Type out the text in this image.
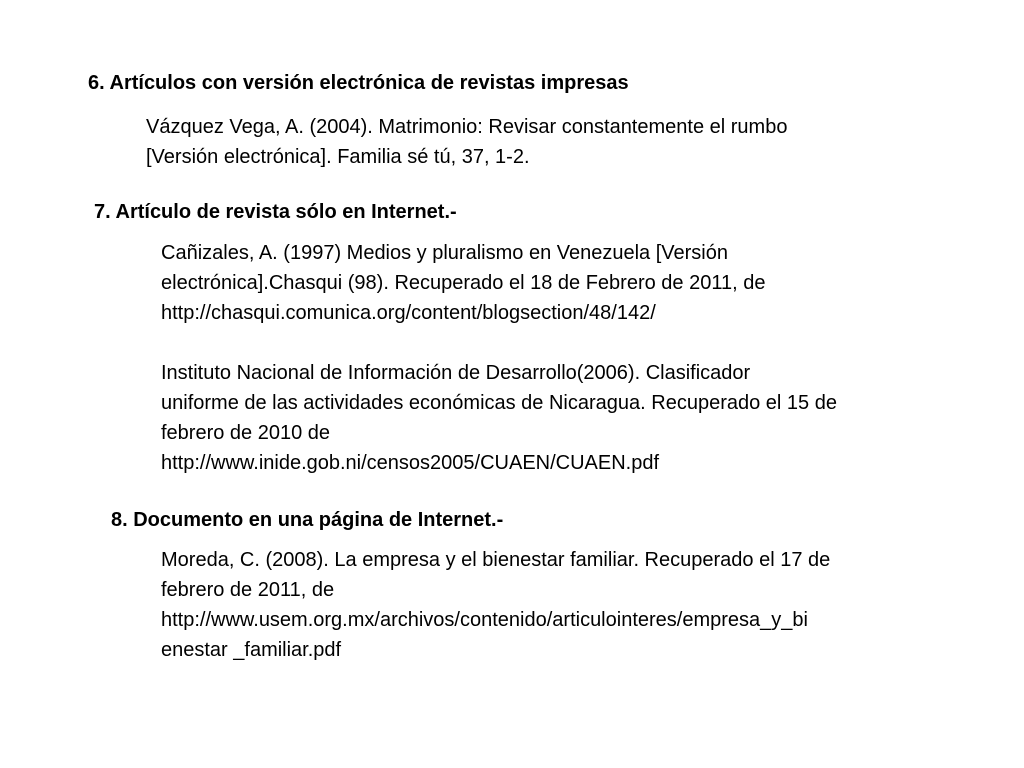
6. Artículos con versión electrónica de revistas impresas
Vázquez Vega, A. (2004). Matrimonio: Revisar constantemente el rumbo
[Versión electrónica]. Familia sé tú, 37, 1-2.
7. Artículo de revista sólo en Internet.-
Cañizales, A. (1997) Medios y pluralismo en Venezuela [Versión
electrónica].Chasqui (98). Recuperado el 18 de Febrero de 2011, de
http://chasqui.comunica.org/content/blogsection/48/142/
Instituto Nacional de Información de Desarrollo(2006). Clasificador
uniforme de las actividades económicas de Nicaragua. Recuperado el 15 de
febrero de 2010 de
http://www.inide.gob.ni/censos2005/CUAEN/CUAEN.pdf
8. Documento en una página de Internet.-
Moreda, C. (2008). La empresa y el bienestar familiar. Recuperado el 17 de
febrero de 2011, de
http://www.usem.org.mx/archivos/contenido/articulointeres/empresa_y_bi
enestar _familiar.pdf
